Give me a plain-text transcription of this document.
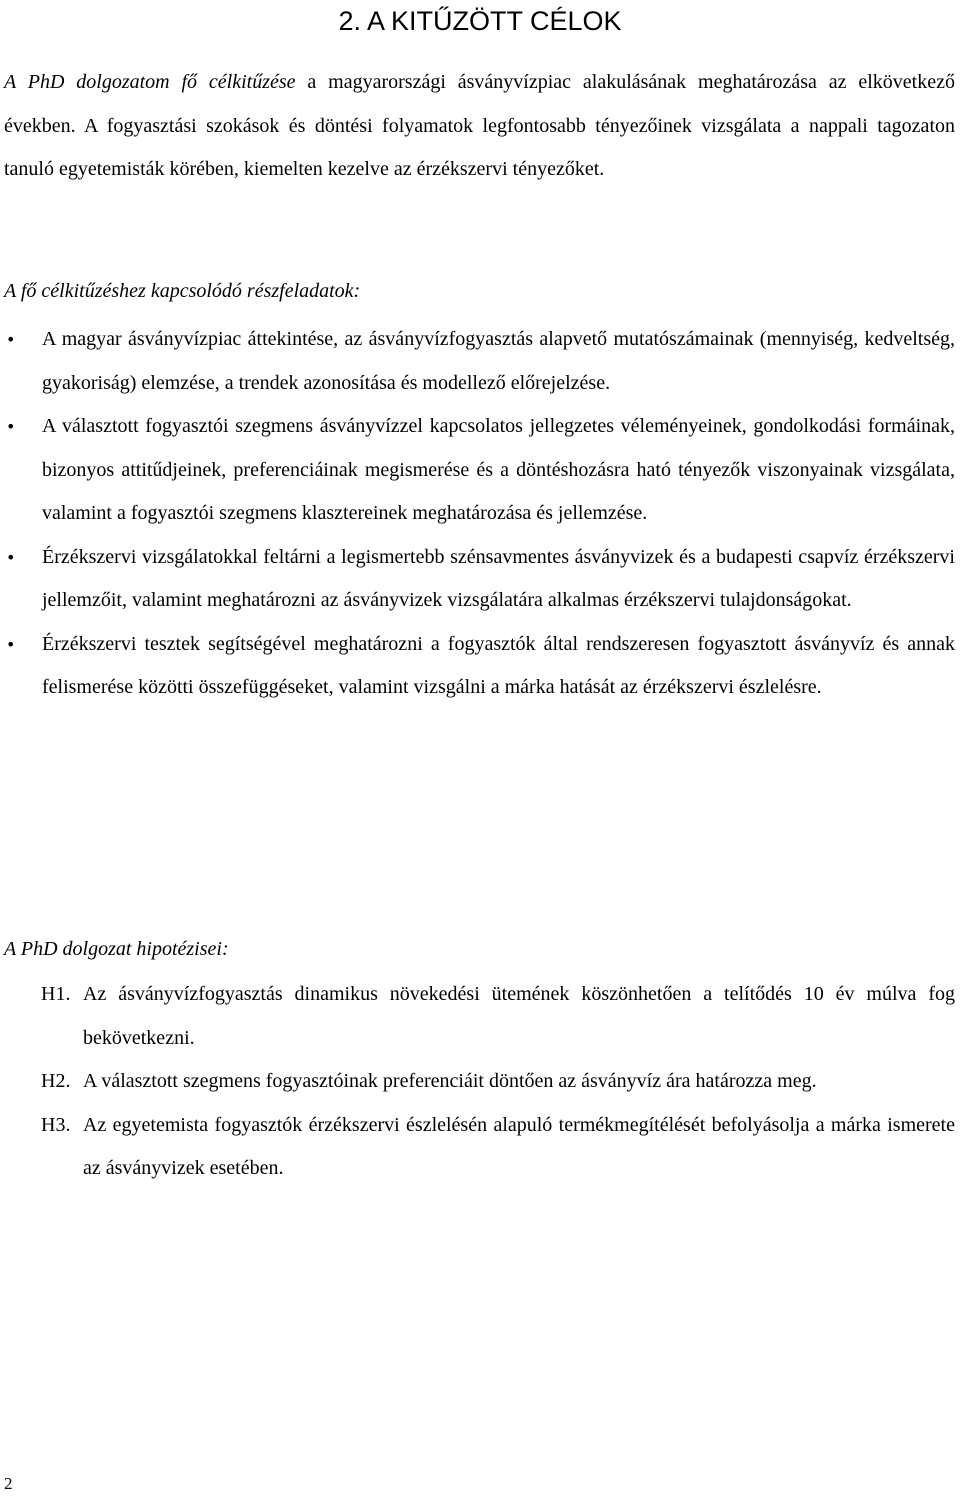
2. A KITŰZÖTT CÉLOK

A PhD dolgozatom fő célkitűzése a magyarországi ásványvízpiac alakulásának meghatározása az elkövetkező években. A fogyasztási szokások és döntési folyamatok legfontosabb tényezőinek vizsgálata a nappali tagozaton tanuló egyetemisták körében, kiemelten kezelve az érzékszervi tényezőket.

A fő célkitűzéshez kapcsolódó részfeladatok:

• A magyar ásványvízpiac áttekintése, az ásványvízfogyasztás alapvető mutatószámainak (mennyiség, kedveltség, gyakoriság) elemzése, a trendek azonosítása és modellező előrejelzése.
• A választott fogyasztói szegmens ásványvízzel kapcsolatos jellegzetes véleményeinek, gondolkodási formáinak, bizonyos attitűdjeinek, preferenciáinak megismerése és a döntéshozásra ható tényezők viszonyainak vizsgálata, valamint a fogyasztói szegmens klasztereinek meghatározása és jellemzése.
• Érzékszervi vizsgálatokkal feltárni a legismertebb szénsavmentes ásványvizek és a budapesti csapvíz érzékszervi jellemzőit, valamint meghatározni az ásványvizek vizsgálatára alkalmas érzékszervi tulajdonságokat.
• Érzékszervi tesztek segítségével meghatározni a fogyasztók által rendszeresen fogyasztott ásványvíz és annak felismerése közötti összefüggéseket, valamint vizsgálni a márka hatását az érzékszervi észlelésre.

A PhD dolgozat hipotézisei:

H1. Az ásványvízfogyasztás dinamikus növekedési ütemének köszönhetően a telítődés 10 év múlva fog bekövetkezni.
H2. A választott szegmens fogyasztóinak preferenciáit döntően az ásványvíz ára határozza meg.
H3. Az egyetemista fogyasztók érzékszervi észlelésén alapuló termékmegítélését befolyásolja a márka ismerete az ásványvizek esetében.
2
